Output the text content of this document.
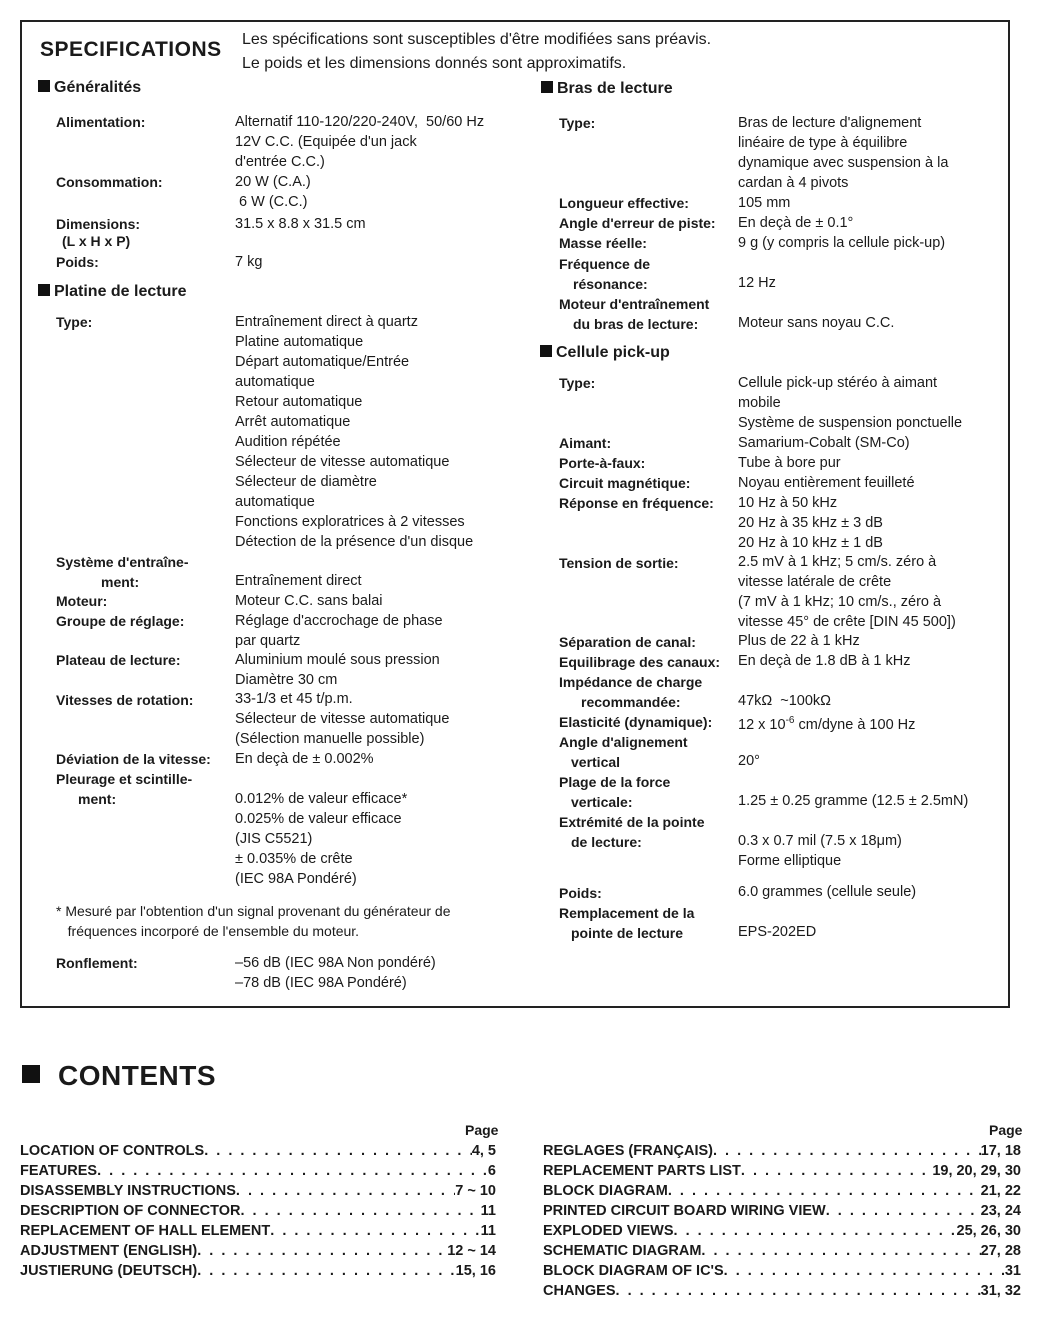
SPECIFICATIONS Les spécifications sont susceptibles d'être modifiées sans préavis.
Le poids et les dimensions donnés sont approximatifs.
Généralités
Alimentation:	Alternatif 110-120/220-240V,  50/60 Hz
12V C.C. (Equipée d'un jack
d'entrée C.C.)
Consommation:	20 W (C.A.)
6 W (C.C.)
Dimensions:
(L x H x P)
31.5 x 8.8 x 31.5 cm
Poids:	7 kg
Platine de lecture
Type:	Entraînement direct à quartz
Platine automatique
Départ automatique/Entrée
automatique
Retour automatique
Arrêt automatique
Audition répétée
Sélecteur de vitesse automatique
Sélecteur de diamètre
automatique
Fonctions exploratrices à 2 vitesses
Détection de la présence d'un disque
Système d'entraîne-
ment:	Entraînement direct
Moteur:	Moteur C.C. sans balai
Groupe de réglage:	Réglage d'accrochage de phase
par quartz
Plateau de lecture:	Aluminium moulé sous pression
Diamètre 30 cm
Vitesses de rotation:	33-1/3 et 45 t/p.m.
Sélecteur de vitesse automatique
(Sélection manuelle possible)
Déviation de la vitesse: En deçà de ± 0.002%
Pleurage et scintille-
ment:	0.012% de valeur efficace*
0.025% de valeur efficace
(JIS C5521)
± 0.035% de crête
(IEC 98A Pondéré)
* Mesuré par l'obtention d'un signal provenant du générateur de
fréquences incorporé de l'ensemble du moteur.
Ronflement:	–56 dB (IEC 98A Non pondéré)
–78 dB (IEC 98A Pondéré)
Bras de lecture
Type:	Bras de lecture d'alignement
linéaire de type à équilibre
dynamique avec suspension à la
cardan à 4 pivots
Longueur effective:	105 mm
Angle d'erreur de piste: En deçà de ± 0.1°
Masse réelle:	9 g (y compris la cellule pick-up)
Fréquence de
résonance:	12 Hz
Moteur d'entraînement
du bras de lecture:	Moteur sans noyau C.C.
Cellule pick-up
Type:	Cellule pick-up stéréo à aimant
mobile
Système de suspension ponctuelle
Aimant:	Samarium-Cobalt (SM-Co)
Porte-à-faux:	Tube à bore pur
Circuit magnétique:	Noyau entièrement feuilleté
Réponse en fréquence: 10 Hz à 50 kHz
20 Hz à 35 kHz ± 3 dB
20 Hz à 10 kHz ± 1 dB
Tension de sortie:	2.5 mV à 1 kHz; 5 cm/s. zéro à
vitesse latérale de crête
(7 mV à 1 kHz; 10 cm/s., zéro à
vitesse 45° de crête [DIN 45 500])
Séparation de canal:	Plus de 22 à 1 kHz
Equilibrage des canaux: En deçà de 1.8 dB à 1 kHz
Impédance de charge
recommandée:	47kΩ  ~100kΩ
Elasticité (dynamique): 12 x $10^{-6}$ cm/dyne à 100 Hz
Angle d'alignement
vertical	20°
Plage de la force
verticale:	1.25 ± 0.25 gramme (12.5 ± 2.5mN)
Extrémité de la pointe
de lecture:	0.3 x 0.7 mil (7.5 x 18μm)
Forme elliptique
Poids:	6.0 grammes (cellule seule)
Remplacement de la
pointe de lecture	EPS-202ED
CONTENTS
Page	Page
LOCATION OF CONTROLS . . .	4, 5
FEATURES . . .	6
DISASSEMBLY INSTRUCTIONS . . .	7 ~ 10
DESCRIPTION OF CONNECTOR . . .	11
REPLACEMENT OF HALL ELEMENT . . .	11
ADJUSTMENT (ENGLISH) . . .	12 ~ 14
JUSTIERUNG (DEUTSCH) . . .	15, 16
REGLAGES (FRANÇAIS) . . .	17, 18
REPLACEMENT PARTS LIST . . .	19, 20, 29, 30
BLOCK DIAGRAM . . .	21, 22
PRINTED CIRCUIT BOARD WIRING VIEW . . .	23, 24
EXPLODED VIEWS . . .	25, 26, 30
SCHEMATIC DIAGRAM . . .	27, 28
BLOCK DIAGRAM OF IC'S . . .	31
CHANGES . . .	31, 32
